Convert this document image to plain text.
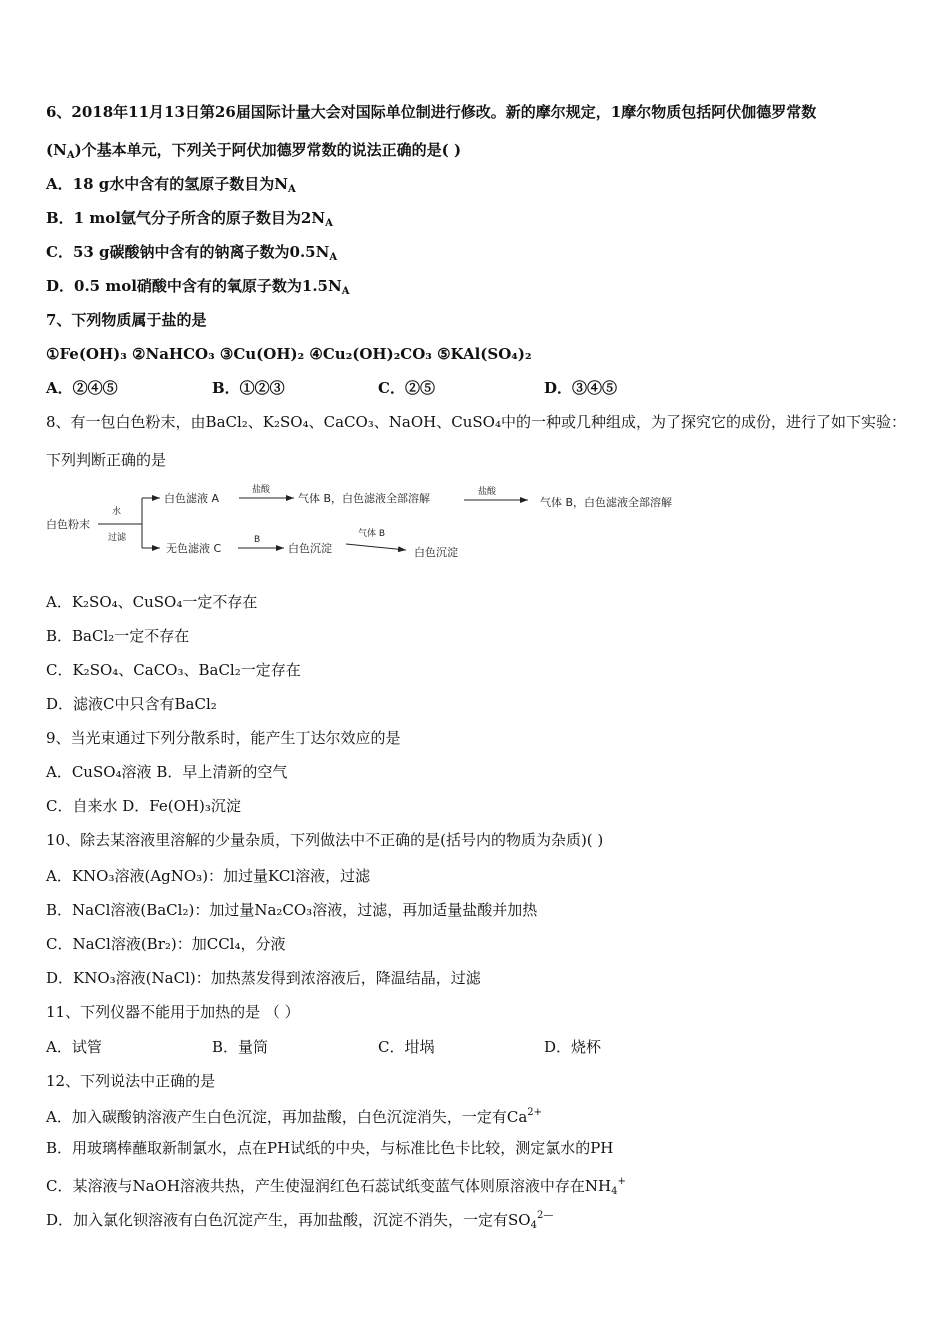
6、2018年11月13日第26届国际计量大会对国际单位制进行修改。新的摩尔规定，1摩尔物质包括阿伏伽德罗常数
$(N_A)$个基本单元，下列关于阿伏加德罗常数的说法正确的是( )
A．18 g水中含有的氢原子数目为$N_A$
B．1 mol氩气分子所含的原子数目为$2N_A$
C．53 g碳酸钠中含有的钠离子数为$0.5N_A$
D．0.5 mol硝酸中含有的氧原子数为$1.5N_A$
7、下列物质属于盐的是
①Fe(OH)₃ ②NaHCO₃ ③Cu(OH)₂ ④Cu₂(OH)₂CO₃ ⑤KAl(SO₄)₂
A．②④⑤	B．①②③	C．②⑤	D．③④⑤
8、有一包白色粉末，由BaCl₂、K₂SO₄、CaCO₃、NaOH、CuSO₄中的一种或几种组成，为了探究它的成份，进行了如下实验：
下列判断正确的是
白色粉末
水
过滤
白色滤液 A
盐酸
气体 B，白色滤液全部溶解	盐酸
气体 B，白色滤液全部溶解
无色滤液 C
B
白色沉淀
气体 B
白色沉淀
A．K₂SO₄、CuSO₄一定不存在
B．BaCl₂一定不存在
C．K₂SO₄、CaCO₃、BaCl₂一定存在
D．滤液C中只含有BaCl₂
9、当光束通过下列分散系时，能产生丁达尔效应的是
A．CuSO₄溶液 B．早上清新的空气
C．自来水 D．Fe(OH)₃沉淀
10、除去某溶液里溶解的少量杂质，下列做法中不正确的是(括号内的物质为杂质)( )
A．KNO₃溶液(AgNO₃)：加过量KCl溶液，过滤
B．NaCl溶液(BaCl₂)：加过量Na₂CO₃溶液，过滤，再加适量盐酸并加热
C．NaCl溶液(Br₂)：加CCl₄，分液
D．KNO₃溶液(NaCl)：加热蒸发得到浓溶液后，降温结晶，过滤
11、下列仪器不能用于加热的是 （ ）
A．试管	B．量筒	C．坩埚	D．烧杯
12、下列说法中正确的是
A．加入碳酸钠溶液产生白色沉淀，再加盐酸，白色沉淀消失，一定有$Ca^{2+}$
B．用玻璃棒蘸取新制氯水，点在PH试纸的中央，与标准比色卡比较，测定氯水的PH
C．某溶液与NaOH溶液共热，产生使湿润红色石蕊试纸变蓝气体则原溶液中存在$NH_4^+$
D．加入氯化钡溶液有白色沉淀产生，再加盐酸，沉淀不消失，一定有$SO_4^{2—}$
